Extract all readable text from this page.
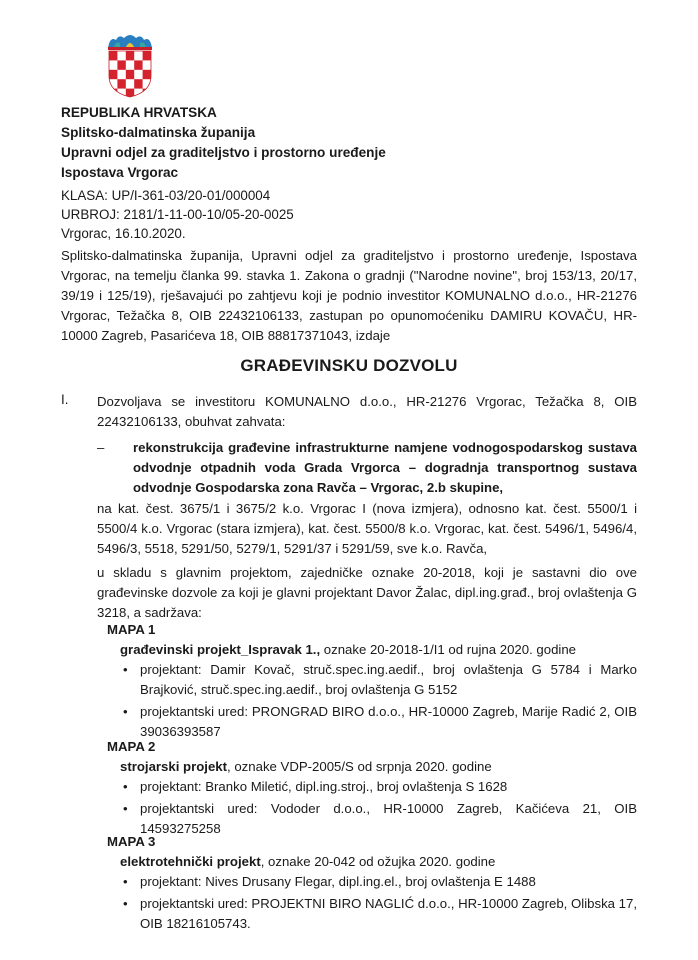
REPUBLIKA HRVATSKA
Splitsko-dalmatinska županija
Upravni odjel za graditeljstvo i prostorno uređenje
Ispostava Vrgorac
KLASA: UP/I-361-03/20-01/000004
URBROJ: 2181/1-11-00-10/05-20-0025
Vrgorac, 16.10.2020.
Splitsko-dalmatinska županija, Upravni odjel za graditeljstvo i prostorno uređenje, Ispostava Vrgorac, na temelju članka 99. stavka 1. Zakona o gradnji ("Narodne novine", broj 153/13, 20/17, 39/19 i 125/19), rješavajući po zahtjevu koji je podnio investitor KOMUNALNO d.o.o., HR-21276 Vrgorac, Težačka 8, OIB 22432106133, zastupan po opunomoćeniku DAMIRU KOVAČU, HR-10000 Zagreb, Pasarićeva 18, OIB 88817371043, izdaje
GRAĐEVINSKU DOZVOLU
I. Dozvoljava se investitoru KOMUNALNO d.o.o., HR-21276 Vrgorac, Težačka 8, OIB 22432106133, obuhvat zahvata:
– rekonstrukcija građevine infrastrukturne namjene vodnogospodarskog sustava odvodnje otpadnih voda Grada Vrgorca – dogradnja transportnog sustava odvodnje Gospodarska zona Ravča – Vrgorac, 2.b skupine,
na kat. čest. 3675/1 i 3675/2 k.o. Vrgorac I (nova izmjera), odnosno kat. čest. 5500/1 i 5500/4 k.o. Vrgorac (stara izmjera), kat. čest. 5500/8 k.o. Vrgorac, kat. čest. 5496/1, 5496/4, 5496/3, 5518, 5291/50, 5279/1, 5291/37 i 5291/59, sve k.o. Ravča,
u skladu s glavnim projektom, zajedničke oznake 20-2018, koji je sastavni dio ove građevinske dozvole za koji je glavni projektant Davor Žalac, dipl.ing.građ., broj ovlaštenja G 3218, a sadržava:
MAPA 1
građevinski projekt_Ispravak 1., oznake 20-2018-1/I1 od rujna 2020. godine
• projektant: Damir Kovač, struč.spec.ing.aedif., broj ovlaštenja G 5784 i Marko Brajković, struč.spec.ing.aedif., broj ovlaštenja G 5152
• projektantski ured: PRONGRAD BIRO d.o.o., HR-10000 Zagreb, Marije Radić 2, OIB 39036393587
MAPA 2
strojarski projekt, oznake VDP-2005/S od srpnja 2020. godine
• projektant: Branko Miletić, dipl.ing.stroj., broj ovlaštenja S 1628
• projektantski ured: Vododer d.o.o., HR-10000 Zagreb, Kačićeva 21, OIB 14593275258
MAPA 3
elektrotehnički projekt, oznake 20-042 od ožujka 2020. godine
• projektant: Nives Drusany Flegar, dipl.ing.el., broj ovlaštenja E 1488
• projektantski ured: PROJEKTNI BIRO NAGLIĆ d.o.o., HR-10000 Zagreb, Olibska 17, OIB 18216105743.
